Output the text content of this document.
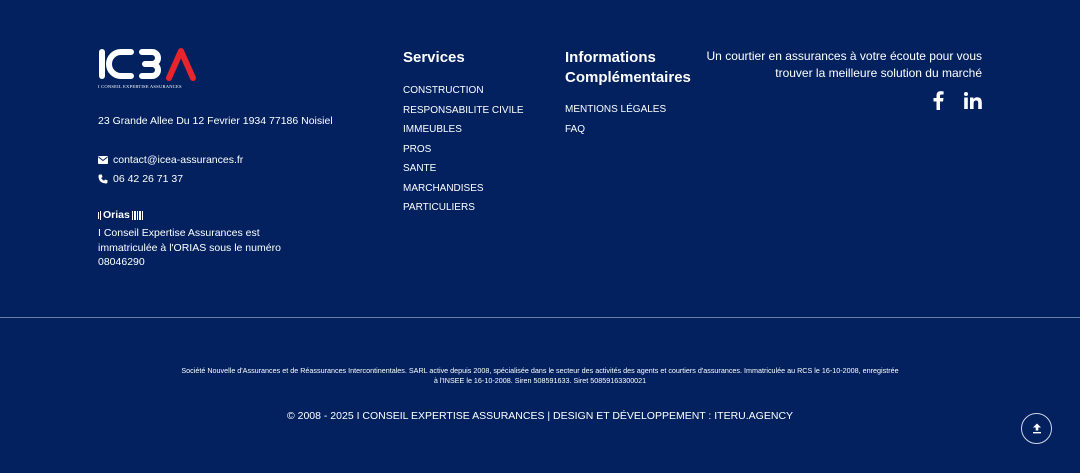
I CONSEIL EXPERTISE ASSURANCES
23 Grande Allee Du 12 Fevrier 1934 77186 Noisiel
contact@icea-assurances.fr
06 42 26 71 37
Orias
I Conseil Expertise Assurances est immatriculée à l'ORIAS sous le numéro 08046290
Services
CONSTRUCTION
RESPONSABILITE CIVILE
IMMEUBLES
PROS
SANTE
MARCHANDISES
PARTICULIERS
Informations Complémentaires
MENTIONS LÉGALES
FAQ

Un courtier en assurances à votre écoute pour vous trouver la meilleure solution du marché

Société Nouvelle d'Assurances et de Réassurances Intercontinentales. SARL active depuis 2008, spécialisée dans le secteur des activités des agents et courtiers d'assurances. Immatriculée au RCS le 16-10-2008, enregistrée à l'INSEE le 16-10-2008. Siren 508591633. Siret 50859163300021

© 2008 - 2025 I CONSEIL EXPERTISE ASSURANCES | DESIGN ET DÉVELOPPEMENT : ITERU.AGENCY
